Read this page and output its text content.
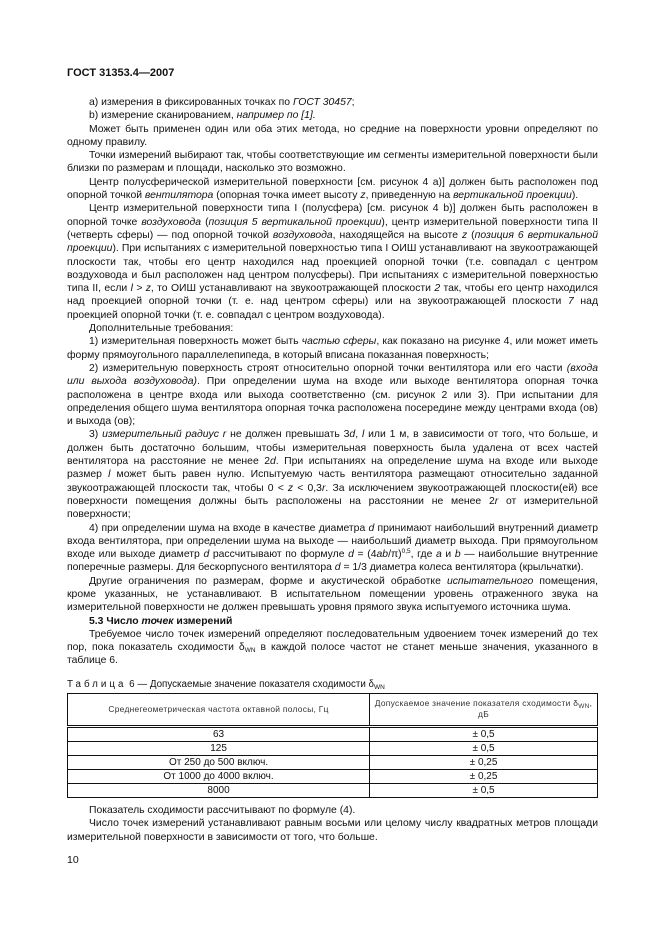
ГОСТ 31353.4—2007

a) измерения в фиксированных точках по ГОСТ 30457;

b) измерение сканированием, например по [1].

Может быть применен один или оба этих метода, но средние на поверхности уровни определяют по одному правилу.

Точки измерений выбирают так, чтобы соответствующие им сегменты измерительной поверхности были близки по размерам и площади, насколько это возможно.

Центр полусферической измерительной поверхности [см. рисунок 4 а)] должен быть расположен под опорной точкой вентилятора (опорная точка имеет высоту z, приведенную на вертикальной проекции).

Центр измерительной поверхности типа I (полусфера) [см. рисунок 4 b)] должен быть расположен в опорной точке воздуховода (позиция 5 вертикальной проекции), центр измерительной поверхности типа II (четверть сферы) — под опорной точкой воздуховода, находящейся на высоте z (позиция 6 вертикальной проекции). При испытаниях с измерительной поверхностью типа I ОИШ устанавливают на звукоотражающей плоскости так, чтобы его центр находился над проекцией опорной точки (т.е. совпадал с центром воздуховода и был расположен над центром полусферы). При испытаниях с измерительной поверхностью типа II, если l > z, то ОИШ устанавливают на звукоотражающей плоскости 2 так, чтобы его центр находился над проекцией опорной точки (т. е. над центром сферы) или на звукоотражающей плоскости 7 над проекцией опорной точки (т. е. совпадал с центром воздуховода).

Дополнительные требования:

1) измерительная поверхность может быть частью сферы, как показано на рисунке 4, или может иметь форму прямоугольного параллелепипеда, в который вписана показанная поверхность;

2) измерительную поверхность строят относительно опорной точки вентилятора или его части (входа или выхода воздуховода). При определении шума на входе или выходе вентилятора опорная точка расположена в центре входа или выхода соответственно (см. рисунок 2 или 3). При испытании для определения общего шума вентилятора опорная точка расположена посередине между центрами входа (ов) и выхода (ов);

3) измерительный радиус r не должен превышать 3d, l или 1 м, в зависимости от того, что больше, и должен быть достаточно большим, чтобы измерительная поверхность была удалена от всех частей вентилятора на расстояние не менее 2d. При испытаниях на определение шума на входе или выходе размер l может быть равен нулю. Испытуемую часть вентилятора размещают относительно заданной звукоотражающей плоскости так, чтобы 0 < z < 0,3r. За исключением звукоотражающей плоскости(ей) все поверхности помещения должны быть расположены на расстоянии не менее 2r от измерительной поверхности;

4) при определении шума на входе в качестве диаметра d принимают наибольший внутренний диаметр входа вентилятора, при определении шума на выходе — наибольший диаметр выхода. При прямоугольном входе или выходе диаметр d рассчитывают по формуле $d = (4ab/\pi)^{0,5}$, где a и b — наибольшие внутренние поперечные размеры. Для бескорпусного вентилятора d = 1/3 диаметра колеса вентилятора (крыльчатки).

Другие ограничения по размерам, форме и акустической обработке испытательного помещения, кроме указанных, не устанавливают. В испытательном помещении уровень отраженного звука на измерительной поверхности не должен превышать уровня прямого звука испытуемого источника шума.

5.3 Число точек измерений

Требуемое число точек измерений определяют последовательным удвоением точек измерений до тех пор, пока показатель сходимости $\delta_{WN}$ в каждой полосе частот не станет меньше значения, указанного в таблице 6.

Таблица 6 — Допускаемые значение показателя сходимости $\delta_{WN}$

Среднегеометрическая частота октавной полосы, Гц	Допускаемое значение показателя сходимости $\delta_{WN}$, дБ
63	± 0,5
125	± 0,5
От 250 до 500 включ.	± 0,25
От 1000 до 4000 включ.	± 0,25
8000	± 0,5

Показатель сходимости рассчитывают по формуле (4).

Число точек измерений устанавливают равным восьми или целому числу квадратных метров площади измерительной поверхности в зависимости от того, что больше.

10
